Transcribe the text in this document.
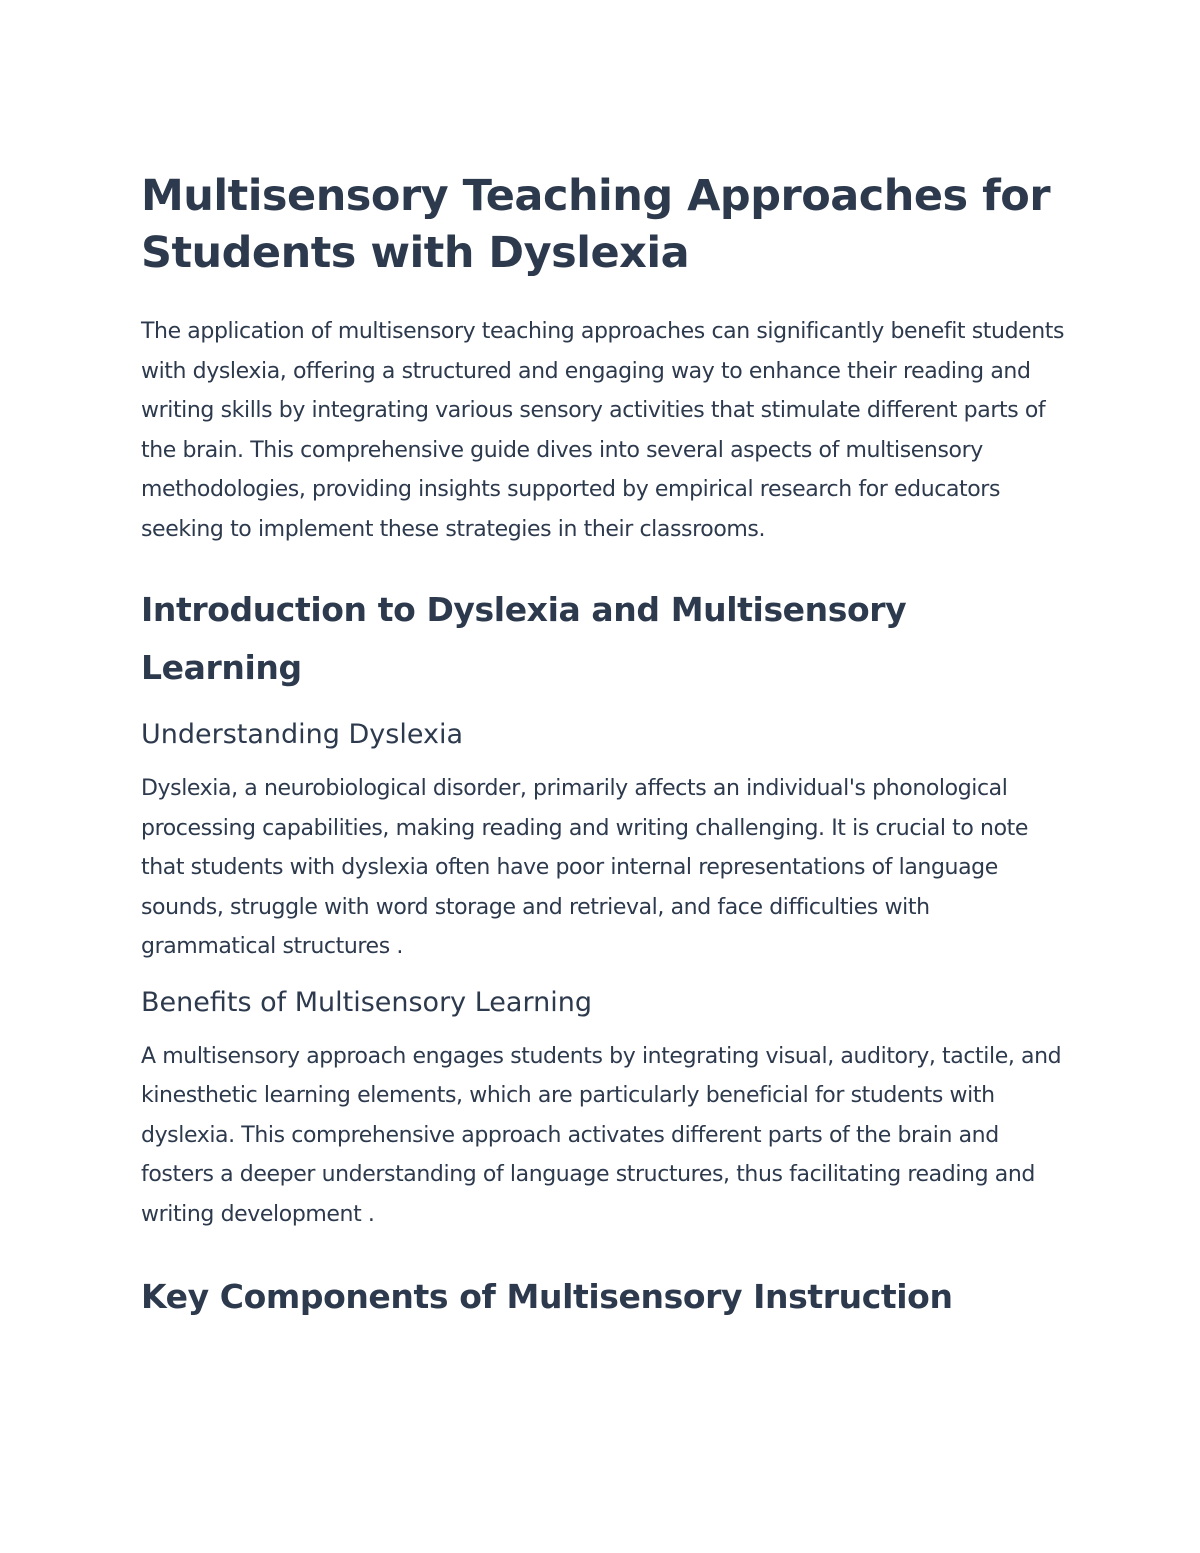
Multisensory Teaching Approaches for Students with Dyslexia

The application of multisensory teaching approaches can significantly benefit students with dyslexia, offering a structured and engaging way to enhance their reading and writing skills by integrating various sensory activities that stimulate different parts of the brain. This comprehensive guide dives into several aspects of multisensory methodologies, providing insights supported by empirical research for educators seeking to implement these strategies in their classrooms.

Introduction to Dyslexia and Multisensory Learning
Understanding Dyslexia

Dyslexia, a neurobiological disorder, primarily affects an individual's phonological processing capabilities, making reading and writing challenging. It is crucial to note that students with dyslexia often have poor internal representations of language sounds, struggle with word storage and retrieval, and face difficulties with grammatical structures .

Benefits of Multisensory Learning

A multisensory approach engages students by integrating visual, auditory, tactile, and kinesthetic learning elements, which are particularly beneficial for students with dyslexia. This comprehensive approach activates different parts of the brain and fosters a deeper understanding of language structures, thus facilitating reading and writing development .

Key Components of Multisensory Instruction
